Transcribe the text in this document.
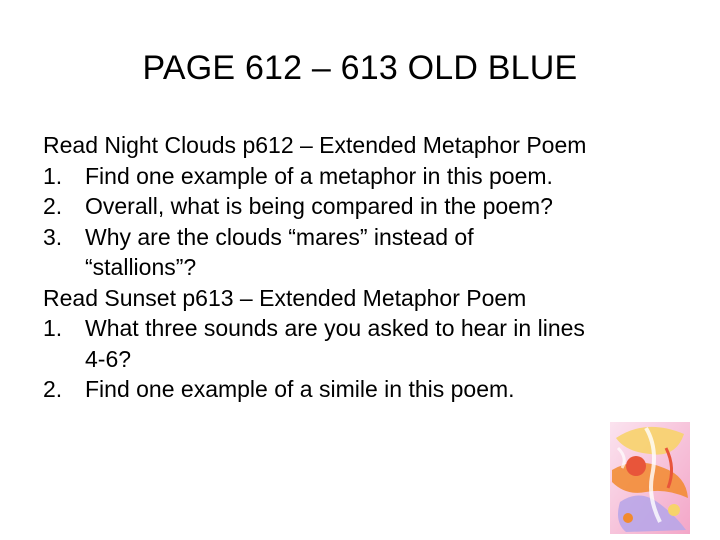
PAGE 612 – 613 OLD BLUE
Read Night Clouds p612 – Extended Metaphor Poem
1. Find one example of a metaphor in this poem.
2. Overall, what is being compared in the poem?
3. Why are the clouds “mares” instead of
“stallions”?
Read Sunset p613 – Extended Metaphor Poem
1. What three sounds are you asked to hear in lines
4-6?
2. Find one example of a simile in this poem.
